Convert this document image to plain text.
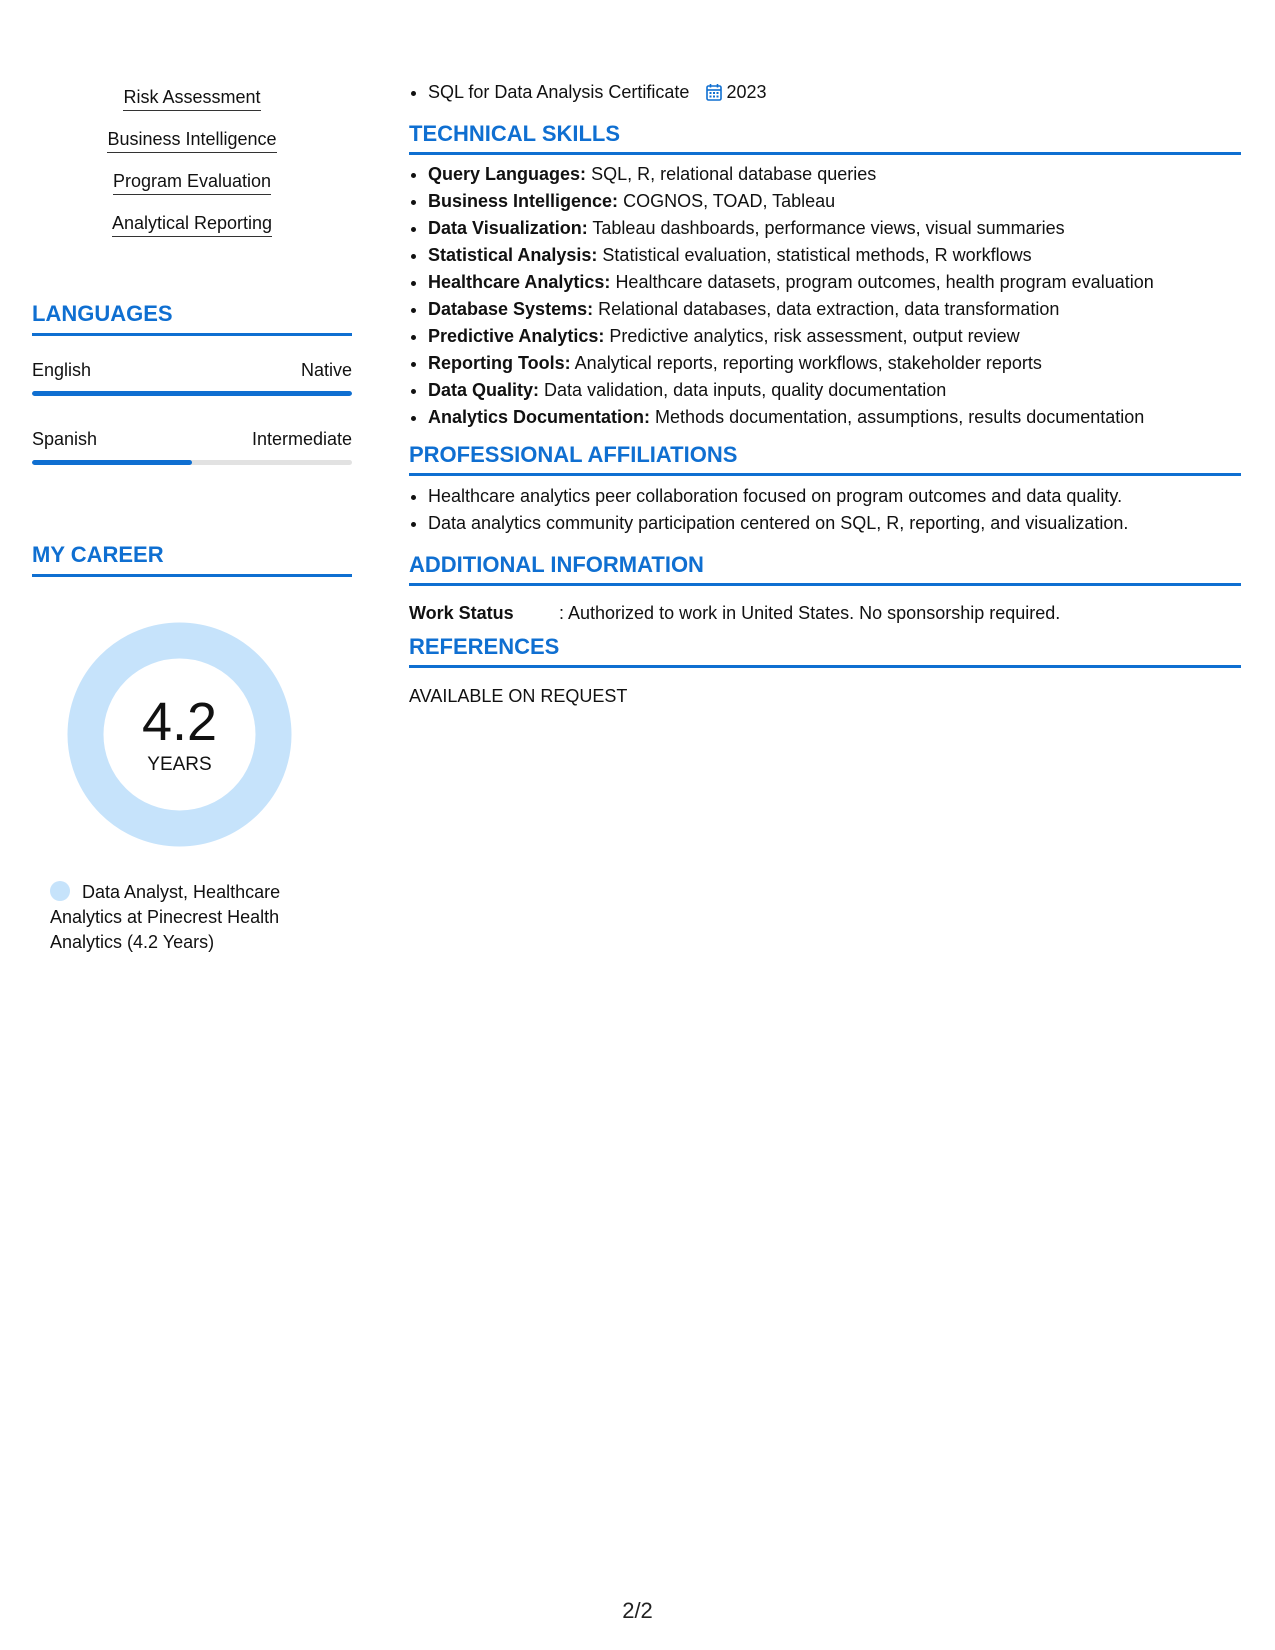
Risk Assessment
Business Intelligence
Program Evaluation
Analytical Reporting
LANGUAGES
English	Native
Spanish	Intermediate
MY CAREER
4.2
YEARS
Data Analyst, Healthcare Analytics at Pinecrest Health Analytics (4.2 Years)
• SQL for Data Analysis Certificate 2023
TECHNICAL SKILLS
• Query Languages: SQL, R, relational database queries
• Business Intelligence: COGNOS, TOAD, Tableau
• Data Visualization: Tableau dashboards, performance views, visual summaries
• Statistical Analysis: Statistical evaluation, statistical methods, R workflows
• Healthcare Analytics: Healthcare datasets, program outcomes, health program evaluation
• Database Systems: Relational databases, data extraction, data transformation
• Predictive Analytics: Predictive analytics, risk assessment, output review
• Reporting Tools: Analytical reports, reporting workflows, stakeholder reports
• Data Quality: Data validation, data inputs, quality documentation
• Analytics Documentation: Methods documentation, assumptions, results documentation
PROFESSIONAL AFFILIATIONS
• Healthcare analytics peer collaboration focused on program outcomes and data quality.
• Data analytics community participation centered on SQL, R, reporting, and visualization.
ADDITIONAL INFORMATION
Work Status	: Authorized to work in United States. No sponsorship required.
REFERENCES
AVAILABLE ON REQUEST
2/2
